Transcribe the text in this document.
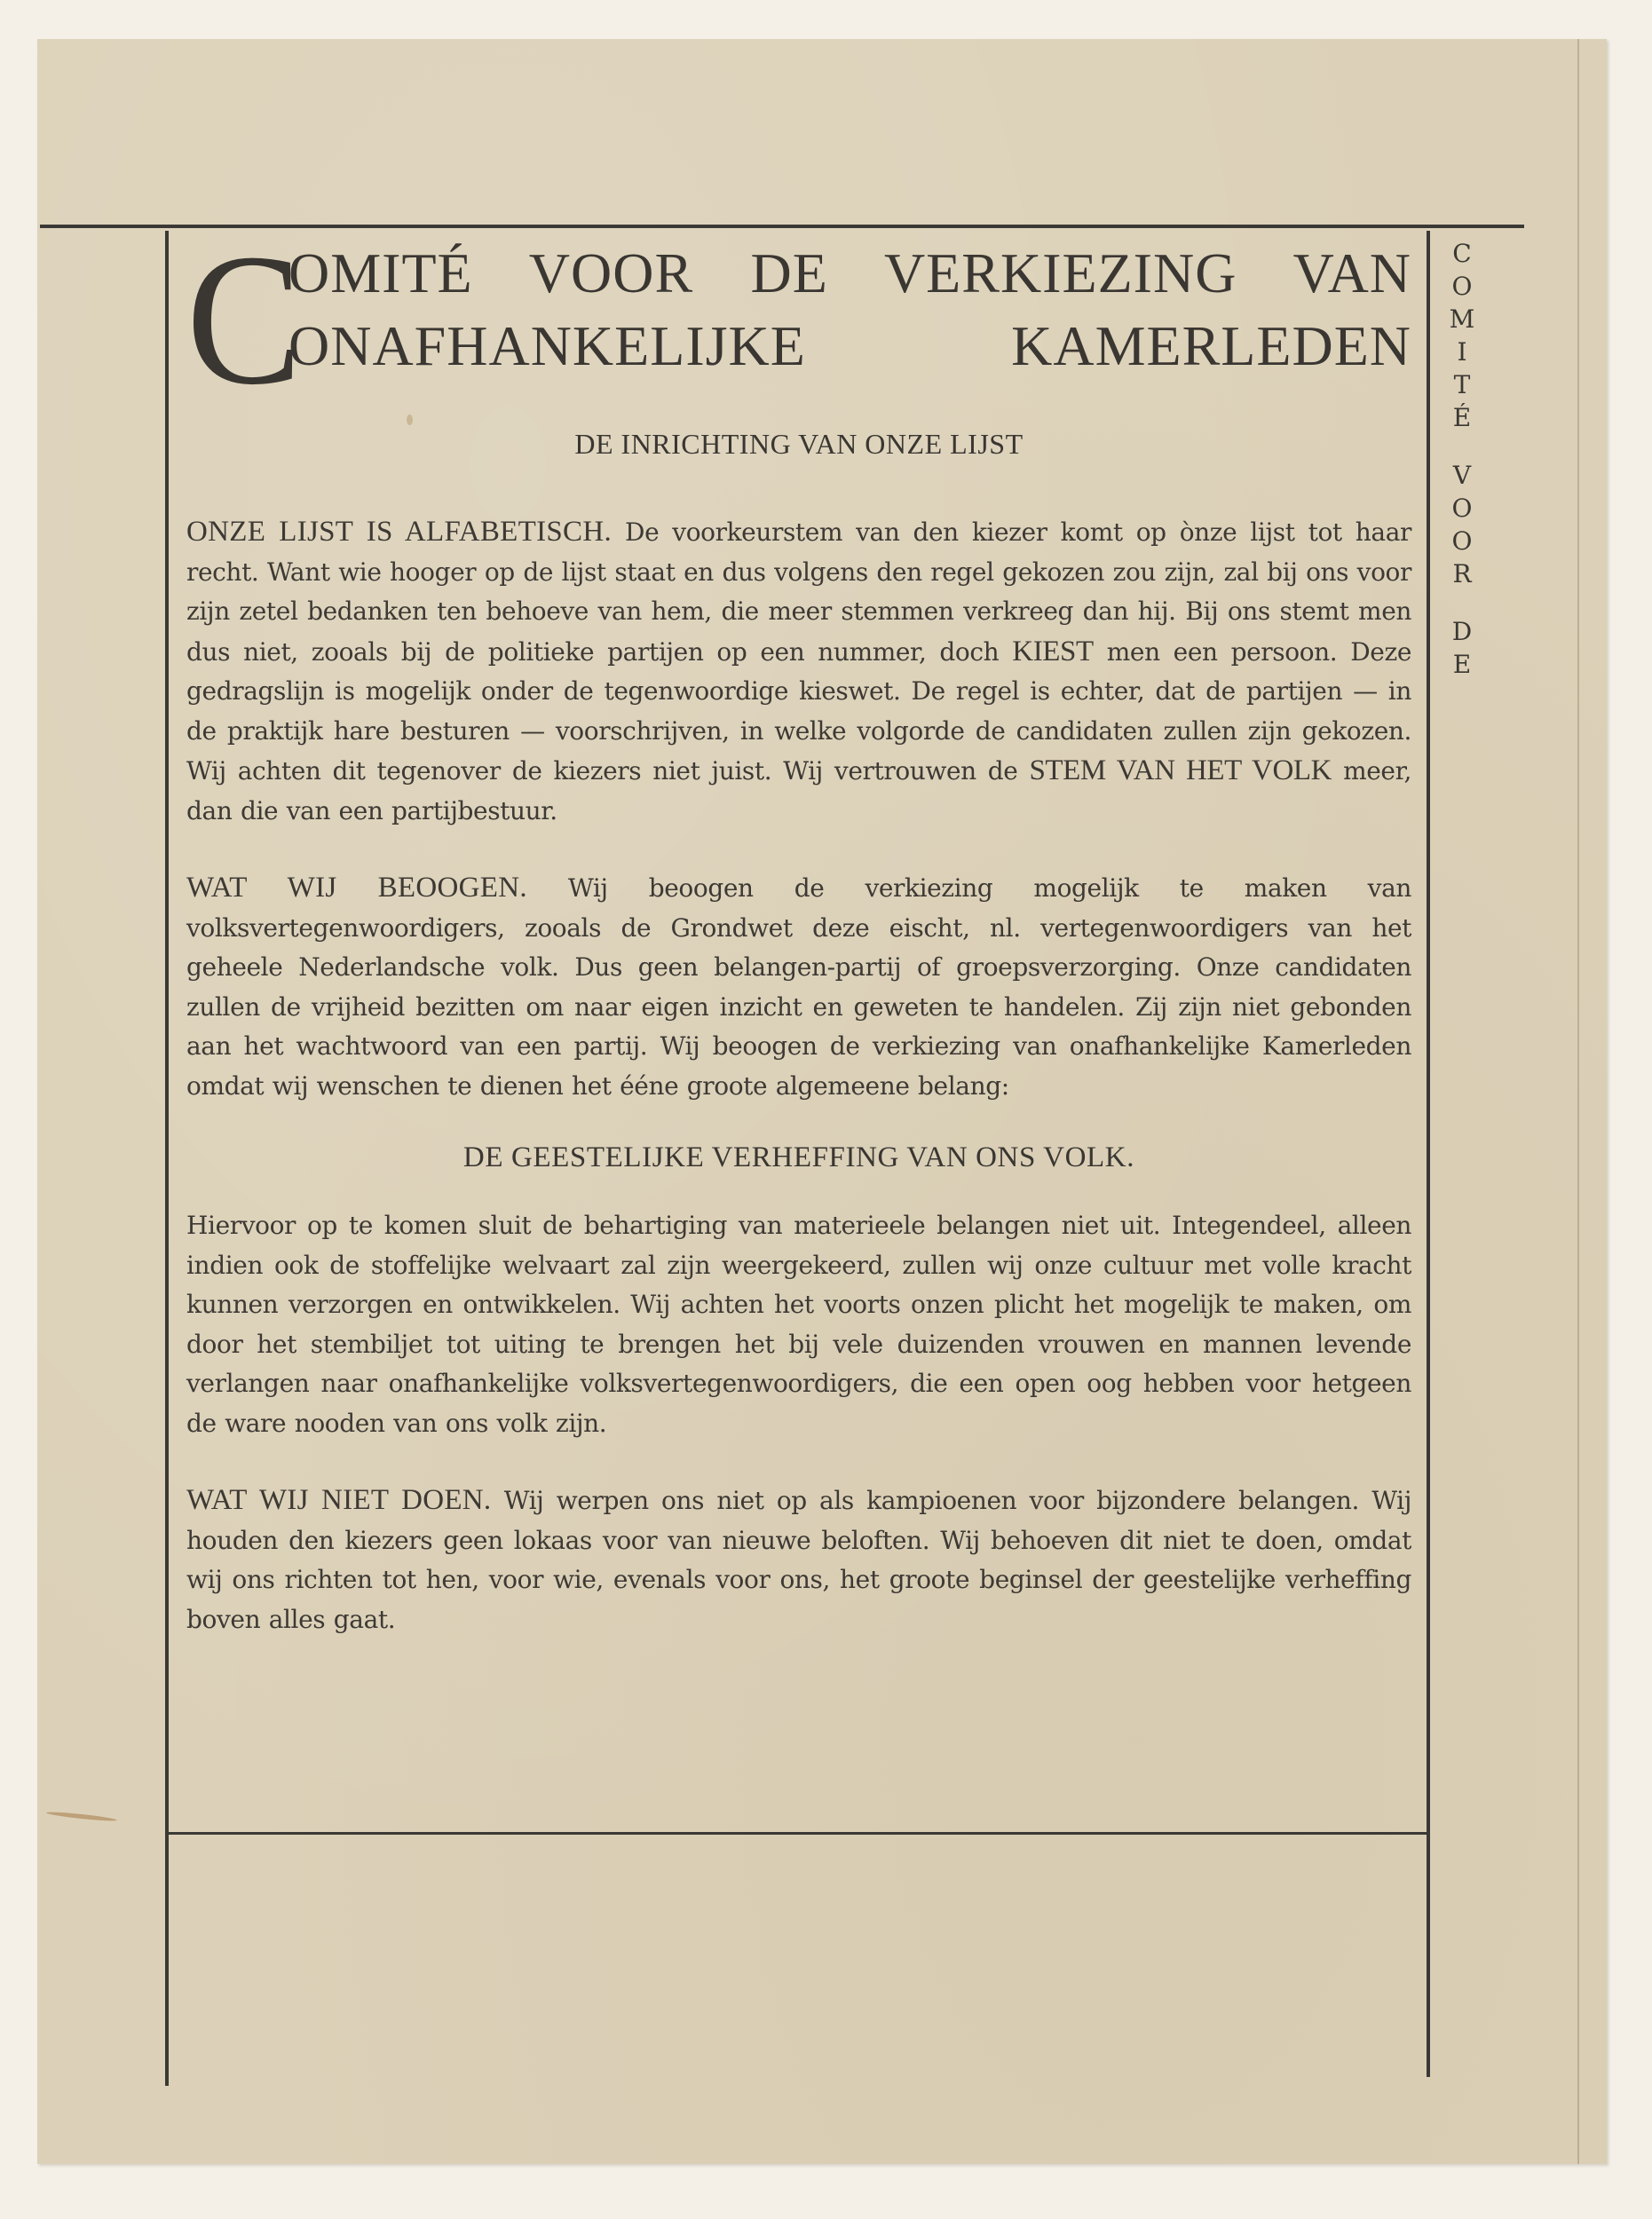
C
OMITÉ VOOR DE VERKIEZING VAN
ONAFHANKELIJKE KAMERLEDEN
DE INRICHTING VAN ONZE LIJST

ONZE LIJST IS ALFABETISCH. De voorkeurstem van den kiezer komt op ònze lijst tot haar recht. Want wie hooger op de lijst staat en dus volgens den regel gekozen zou zijn, zal bij ons voor zijn zetel bedanken ten behoeve van hem, die meer stemmen verkreeg dan hij. Bij ons stemt men dus niet, zooals bij de politieke partijen op een nummer, doch KIEST men een persoon. Deze gedragslijn is mogelijk onder de tegenwoordige kieswet. De regel is echter, dat de partijen — in de praktijk hare besturen — voorschrijven, in welke volgorde de candidaten zullen zijn gekozen. Wij achten dit tegenover de kiezers niet juist. Wij vertrouwen de STEM VAN HET VOLK meer, dan die van een partijbestuur.

WAT WIJ BEOOGEN. Wij beoogen de verkiezing mogelijk te maken van volksvertegenwoordigers, zooals de Grondwet deze eischt, nl. vertegenwoordigers van het geheele Nederlandsche volk. Dus geen belangen-partij of groepsverzorging. Onze candidaten zullen de vrijheid bezitten om naar eigen inzicht en geweten te handelen. Zij zijn niet gebonden aan het wachtwoord van een partij. Wij beoogen de verkiezing van onafhankelijke Kamerleden omdat wij wenschen te dienen het ééne groote algemeene belang:

DE GEESTELIJKE VERHEFFING VAN ONS VOLK.

Hiervoor op te komen sluit de behartiging van materieele belangen niet uit. Integendeel, alleen indien ook de stoffelijke welvaart zal zijn weergekeerd, zullen wij onze cultuur met volle kracht kunnen verzorgen en ontwikkelen. Wij achten het voorts onzen plicht het mogelijk te maken, om door het stembiljet tot uiting te brengen het bij vele duizenden vrouwen en mannen levende verlangen naar onafhankelijke volksvertegenwoordigers, die een open oog hebben voor hetgeen de ware nooden van ons volk zijn.

WAT WIJ NIET DOEN. Wij werpen ons niet op als kampioenen voor bijzondere belangen. Wij houden den kiezers geen lokaas voor van nieuwe beloften. Wij behoeven dit niet te doen, omdat wij ons richten tot hen, voor wie, evenals voor ons, het groote beginsel der geestelijke verheffing boven alles gaat.

C
O
M
I
T
É
V
O
O
R
D
E
